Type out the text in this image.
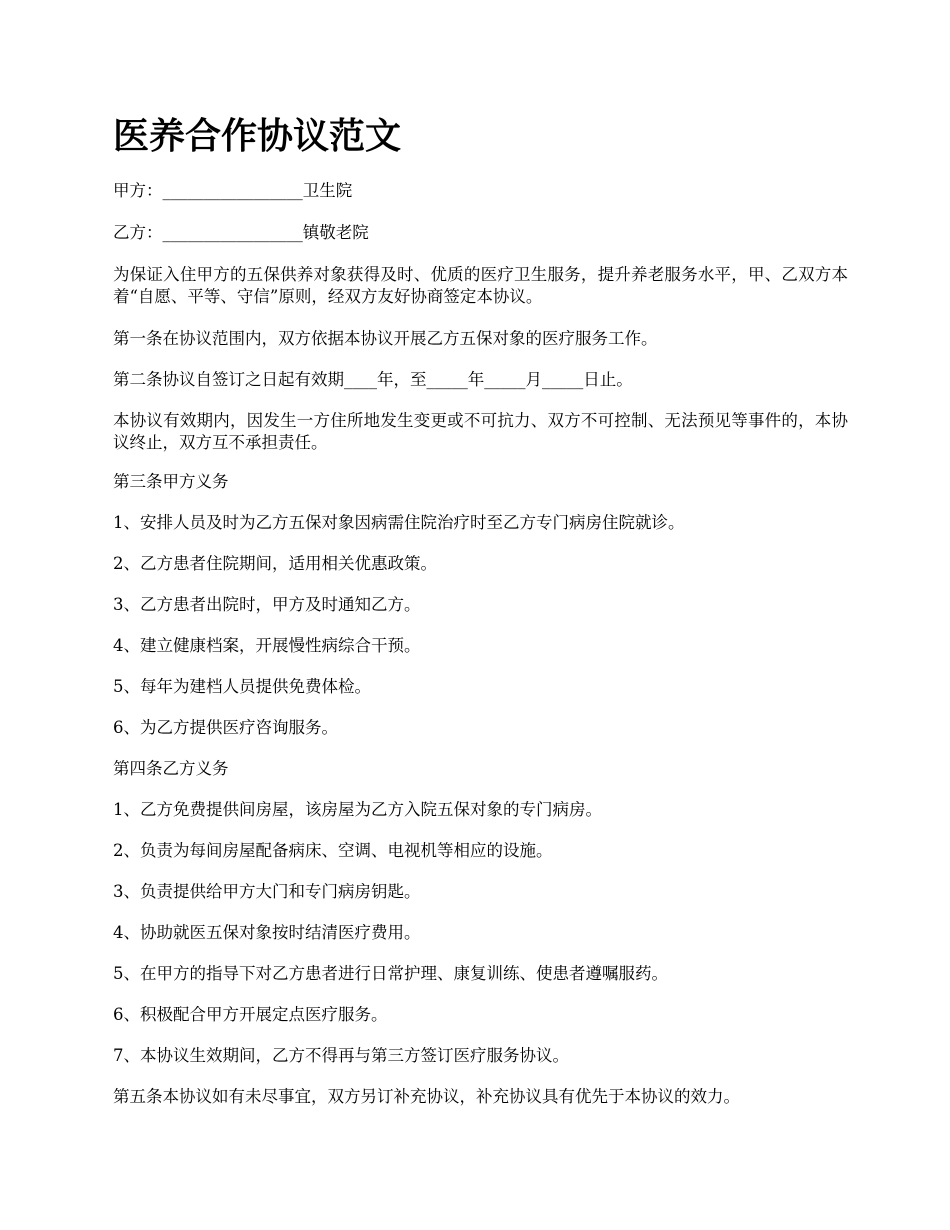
医养合作协议范文

甲方：_________________卫生院

乙方：_________________镇敬老院

为保证入住甲方的五保供养对象获得及时、优质的医疗卫生服务，提升养老服务水平，甲、乙双方本着“自愿、平等、守信”原则，经双方友好协商签定本协议。

第一条在协议范围内，双方依据本协议开展乙方五保对象的医疗服务工作。

第二条协议自签订之日起有效期____年，至_____年_____月_____日止。

本协议有效期内，因发生一方住所地发生变更或不可抗力、双方不可控制、无法预见等事件的，本协议终止，双方互不承担责任。

第三条甲方义务

1、安排人员及时为乙方五保对象因病需住院治疗时至乙方专门病房住院就诊。

2、乙方患者住院期间，适用相关优惠政策。

3、乙方患者出院时，甲方及时通知乙方。

4、建立健康档案，开展慢性病综合干预。

5、每年为建档人员提供免费体检。

6、为乙方提供医疗咨询服务。

第四条乙方义务

1、乙方免费提供间房屋，该房屋为乙方入院五保对象的专门病房。

2、负责为每间房屋配备病床、空调、电视机等相应的设施。

3、负责提供给甲方大门和专门病房钥匙。

4、协助就医五保对象按时结清医疗费用。

5、在甲方的指导下对乙方患者进行日常护理、康复训练、使患者遵嘱服药。

6、积极配合甲方开展定点医疗服务。

7、本协议生效期间，乙方不得再与第三方签订医疗服务协议。

第五条本协议如有未尽事宜，双方另订补充协议，补充协议具有优先于本协议的效力。
